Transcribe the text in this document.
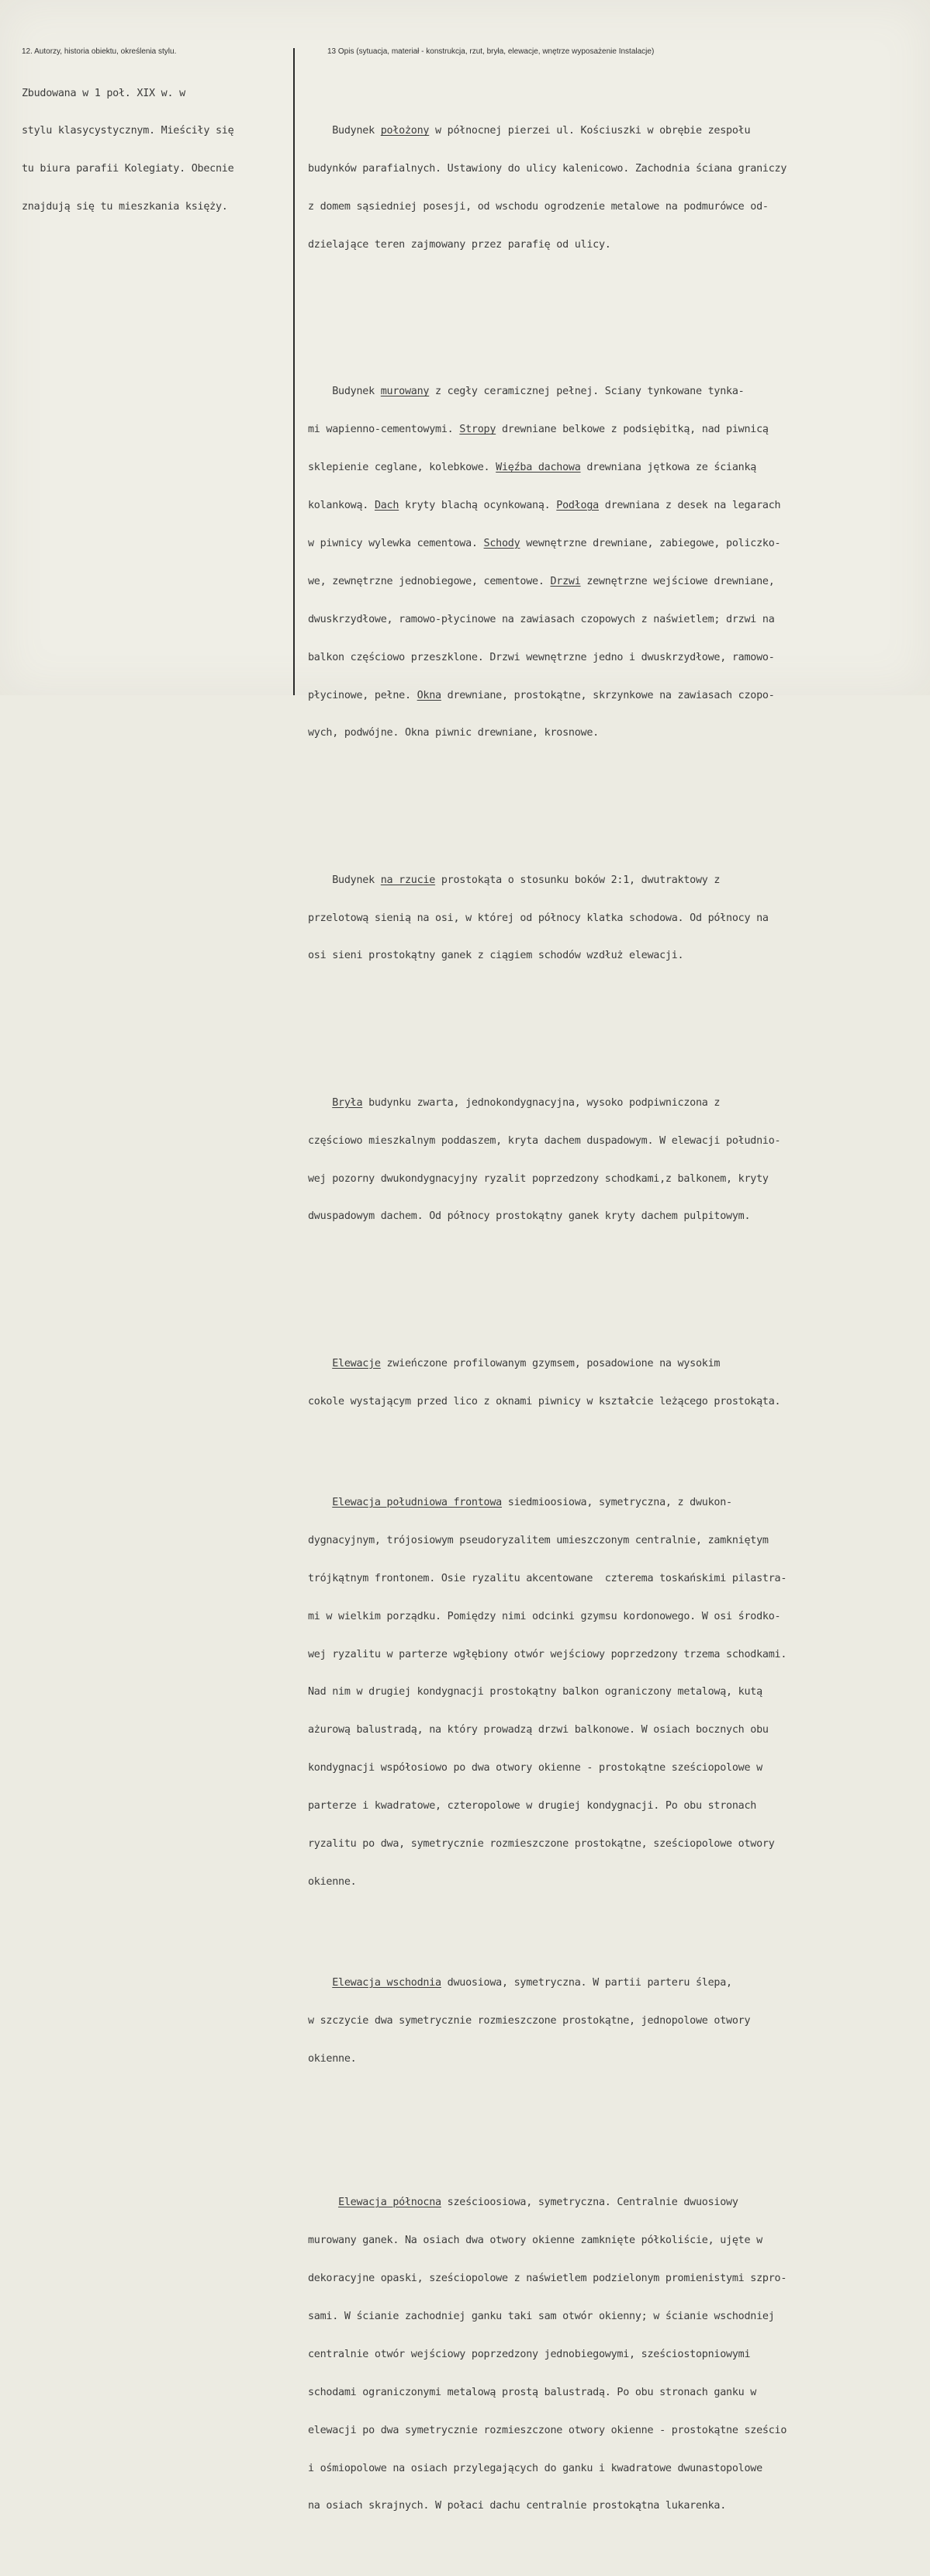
12. Autorzy, historia obiektu, określenia stylu.	13 Opis (sytuacja, materiał - konstrukcja, rzut, bryła, elewacje, wnętrze wyposażenie Instalacje)

Zbudowana w 1 poł. XIX w. w

stylu klasycystycznym. Mieściły się

tu biura parafii Kolegiaty. Obecnie

znajdują się tu mieszkania księży.

Budynek położony w północnej pierzei ul. Kościuszki w obrębie zespołu

budynków parafialnych. Ustawiony do ulicy kalenicowo. Zachodnia ściana graniczy

z domem sąsiedniej posesji, od wschodu ogrodzenie metalowe na podmurówce od-

dzielające teren zajmowany przez parafię od ulicy.

Budynek murowany z cegły ceramicznej pełnej. Sciany tynkowane tynka-

mi wapienno-cementowymi. Stropy drewniane belkowe z podsiębitką, nad piwnicą

sklepienie ceglane, kolebkowe. Więźba dachowa drewniana jętkowa ze ścianką

kolankową. Dach kryty blachą ocynkowaną. Podłoga drewniana z desek na legarach

w piwnicy wylewka cementowa. Schody wewnętrzne drewniane, zabiegowe, policzko-

we, zewnętrzne jednobiegowe, cementowe. Drzwi zewnętrzne wejściowe drewniane,

dwuskrzydłowe, ramowo-płycinowe na zawiasach czopowych z naświetlem; drzwi na

balkon częściowo przeszklone. Drzwi wewnętrzne jedno i dwuskrzydłowe, ramowo-

płycinowe, pełne. Okna drewniane, prostokątne, skrzynkowe na zawiasach czopo-

wych, podwójne. Okna piwnic drewniane, krosnowe.

Budynek na rzucie prostokąta o stosunku boków 2:1, dwutraktowy z

przelotową sienią na osi, w której od północy klatka schodowa. Od północy na

osi sieni prostokątny ganek z ciągiem schodów wzdłuż elewacji.

Bryła budynku zwarta, jednokondygnacyjna, wysoko podpiwniczona z

częściowo mieszkalnym poddaszem, kryta dachem duspadowym. W elewacji południo-

wej pozorny dwukondygnacyjny ryzalit poprzedzony schodkami,z balkonem, kryty

dwuspadowym dachem. Od północy prostokątny ganek kryty dachem pulpitowym.

Elewacje zwieńczone profilowanym gzymsem, posadowione na wysokim

cokole wystającym przed lico z oknami piwnicy w kształcie leżącego prostokąta.

Elewacja południowa frontowa siedmioosiowa, symetryczna, z dwukon-

dygnacyjnym, trójosiowym pseudoryzalitem umieszczonym centralnie, zamkniętym

trójkątnym frontonem. Osie ryzalitu akcentowane  czterema toskańskimi pilastra-

mi w wielkim porządku. Pomiędzy nimi odcinki gzymsu kordonowego. W osi środko-

wej ryzalitu w parterze wgłębiony otwór wejściowy poprzedzony trzema schodkami.

Nad nim w drugiej kondygnacji prostokątny balkon ograniczony metalową, kutą

ażurową balustradą, na który prowadzą drzwi balkonowe. W osiach bocznych obu

kondygnacji współosiowo po dwa otwory okienne - prostokątne sześciopolowe w

parterze i kwadratowe, czteropolowe w drugiej kondygnacji. Po obu stronach

ryzalitu po dwa, symetrycznie rozmieszczone prostokątne, sześciopolowe otwory

okienne.

Elewacja wschodnia dwuosiowa, symetryczna. W partii parteru ślepa,

w szczycie dwa symetrycznie rozmieszczone prostokątne, jednopolowe otwory

okienne.

Elewacja północna sześcioosiowa, symetryczna. Centralnie dwuosiowy

murowany ganek. Na osiach dwa otwory okienne zamknięte półkoliście, ujęte w

dekoracyjne opaski, sześciopolowe z naświetlem podzielonym promienistymi szpro-

sami. W ścianie zachodniej ganku taki sam otwór okienny; w ścianie wschodniej

centralnie otwór wejściowy poprzedzony jednobiegowymi, sześciostopniowymi

schodami ograniczonymi metalową prostą balustradą. Po obu stronach ganku w

elewacji po dwa symetrycznie rozmieszczone otwory okienne - prostokątne sześcio

i ośmiopolowe na osiach przylegających do ganku i kwadratowe dwunastopolowe

na osiach skrajnych. W połaci dachu centralnie prostokątna lukarenka.
